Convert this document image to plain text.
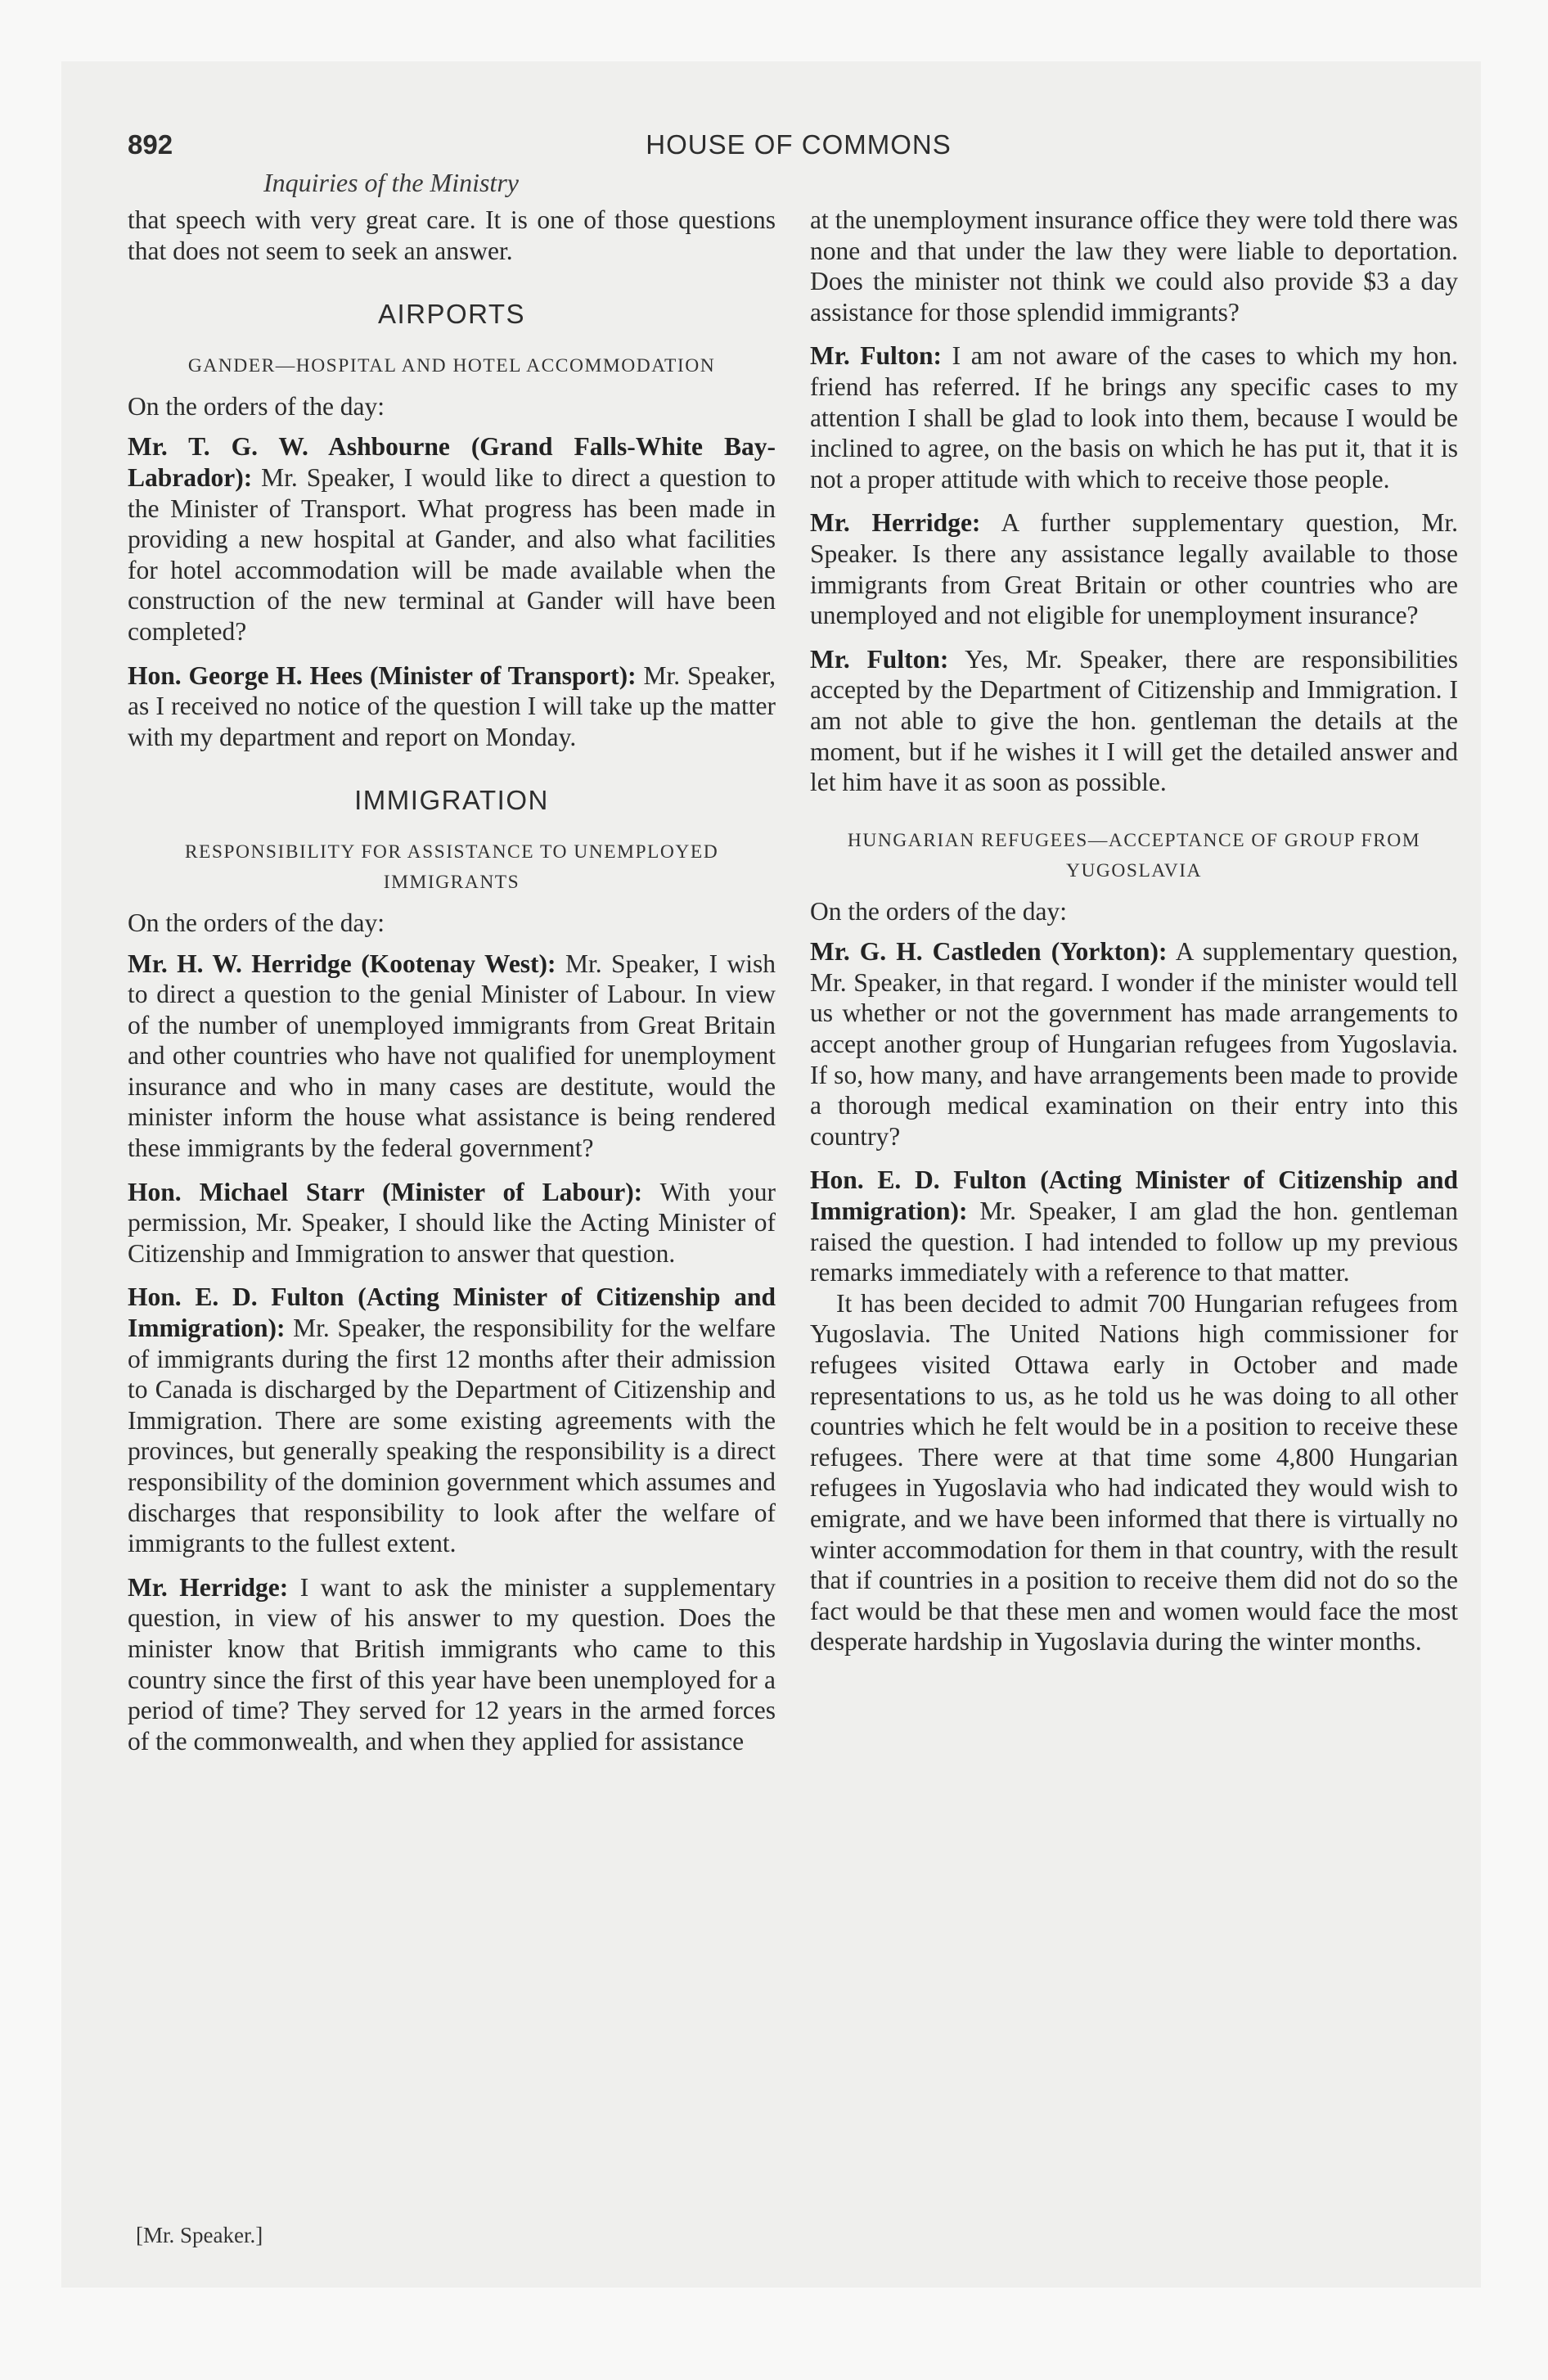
892	HOUSE OF COMMONS
Inquiries of the Ministry

that speech with very great care. It is one of those questions that does not seem to seek an answer.

AIRPORTS
GANDER—HOSPITAL AND HOTEL ACCOMMODATION

On the orders of the day:

Mr. T. G. W. Ashbourne (Grand Falls-White Bay-Labrador): Mr. Speaker, I would like to direct a question to the Minister of Transport. What progress has been made in providing a new hospital at Gander, and also what facilities for hotel accommodation will be made available when the construction of the new terminal at Gander will have been completed?

Hon. George H. Hees (Minister of Transport): Mr. Speaker, as I received no notice of the question I will take up the matter with my department and report on Monday.

IMMIGRATION
RESPONSIBILITY FOR ASSISTANCE TO UNEMPLOYED IMMIGRANTS

On the orders of the day:

Mr. H. W. Herridge (Kootenay West): Mr. Speaker, I wish to direct a question to the genial Minister of Labour. In view of the number of unemployed immigrants from Great Britain and other countries who have not qualified for unemployment insurance and who in many cases are destitute, would the minister inform the house what assistance is being rendered these immigrants by the federal government?

Hon. Michael Starr (Minister of Labour): With your permission, Mr. Speaker, I should like the Acting Minister of Citizenship and Immigration to answer that question.

Hon. E. D. Fulton (Acting Minister of Citizenship and Immigration): Mr. Speaker, the responsibility for the welfare of immigrants during the first 12 months after their admission to Canada is discharged by the Department of Citizenship and Immigration. There are some existing agreements with the provinces, but generally speaking the responsibility is a direct responsibility of the dominion government which assumes and discharges that responsibility to look after the welfare of immigrants to the fullest extent.

Mr. Herridge: I want to ask the minister a supplementary question, in view of his answer to my question. Does the minister know that British immigrants who came to this country since the first of this year have been unemployed for a period of time? They served for 12 years in the armed forces of the commonwealth, and when they applied for assistance

at the unemployment insurance office they were told there was none and that under the law they were liable to deportation. Does the minister not think we could also provide $3 a day assistance for those splendid immigrants?

Mr. Fulton: I am not aware of the cases to which my hon. friend has referred. If he brings any specific cases to my attention I shall be glad to look into them, because I would be inclined to agree, on the basis on which he has put it, that it is not a proper attitude with which to receive those people.

Mr. Herridge: A further supplementary question, Mr. Speaker. Is there any assistance legally available to those immigrants from Great Britain or other countries who are unemployed and not eligible for unemployment insurance?

Mr. Fulton: Yes, Mr. Speaker, there are responsibilities accepted by the Department of Citizenship and Immigration. I am not able to give the hon. gentleman the details at the moment, but if he wishes it I will get the detailed answer and let him have it as soon as possible.

HUNGARIAN REFUGEES—ACCEPTANCE OF GROUP FROM YUGOSLAVIA

On the orders of the day:

Mr. G. H. Castleden (Yorkton): A supplementary question, Mr. Speaker, in that regard. I wonder if the minister would tell us whether or not the government has made arrangements to accept another group of Hungarian refugees from Yugoslavia. If so, how many, and have arrangements been made to provide a thorough medical examination on their entry into this country?

Hon. E. D. Fulton (Acting Minister of Citizenship and Immigration): Mr. Speaker, I am glad the hon. gentleman raised the question. I had intended to follow up my previous remarks immediately with a reference to that matter.

It has been decided to admit 700 Hungarian refugees from Yugoslavia. The United Nations high commissioner for refugees visited Ottawa early in October and made representations to us, as he told us he was doing to all other countries which he felt would be in a position to receive these refugees. There were at that time some 4,800 Hungarian refugees in Yugoslavia who had indicated they would wish to emigrate, and we have been informed that there is virtually no winter accommodation for them in that country, with the result that if countries in a position to receive them did not do so the fact would be that these men and women would face the most desperate hardship in Yugoslavia during the winter months.

[Mr. Speaker.]
